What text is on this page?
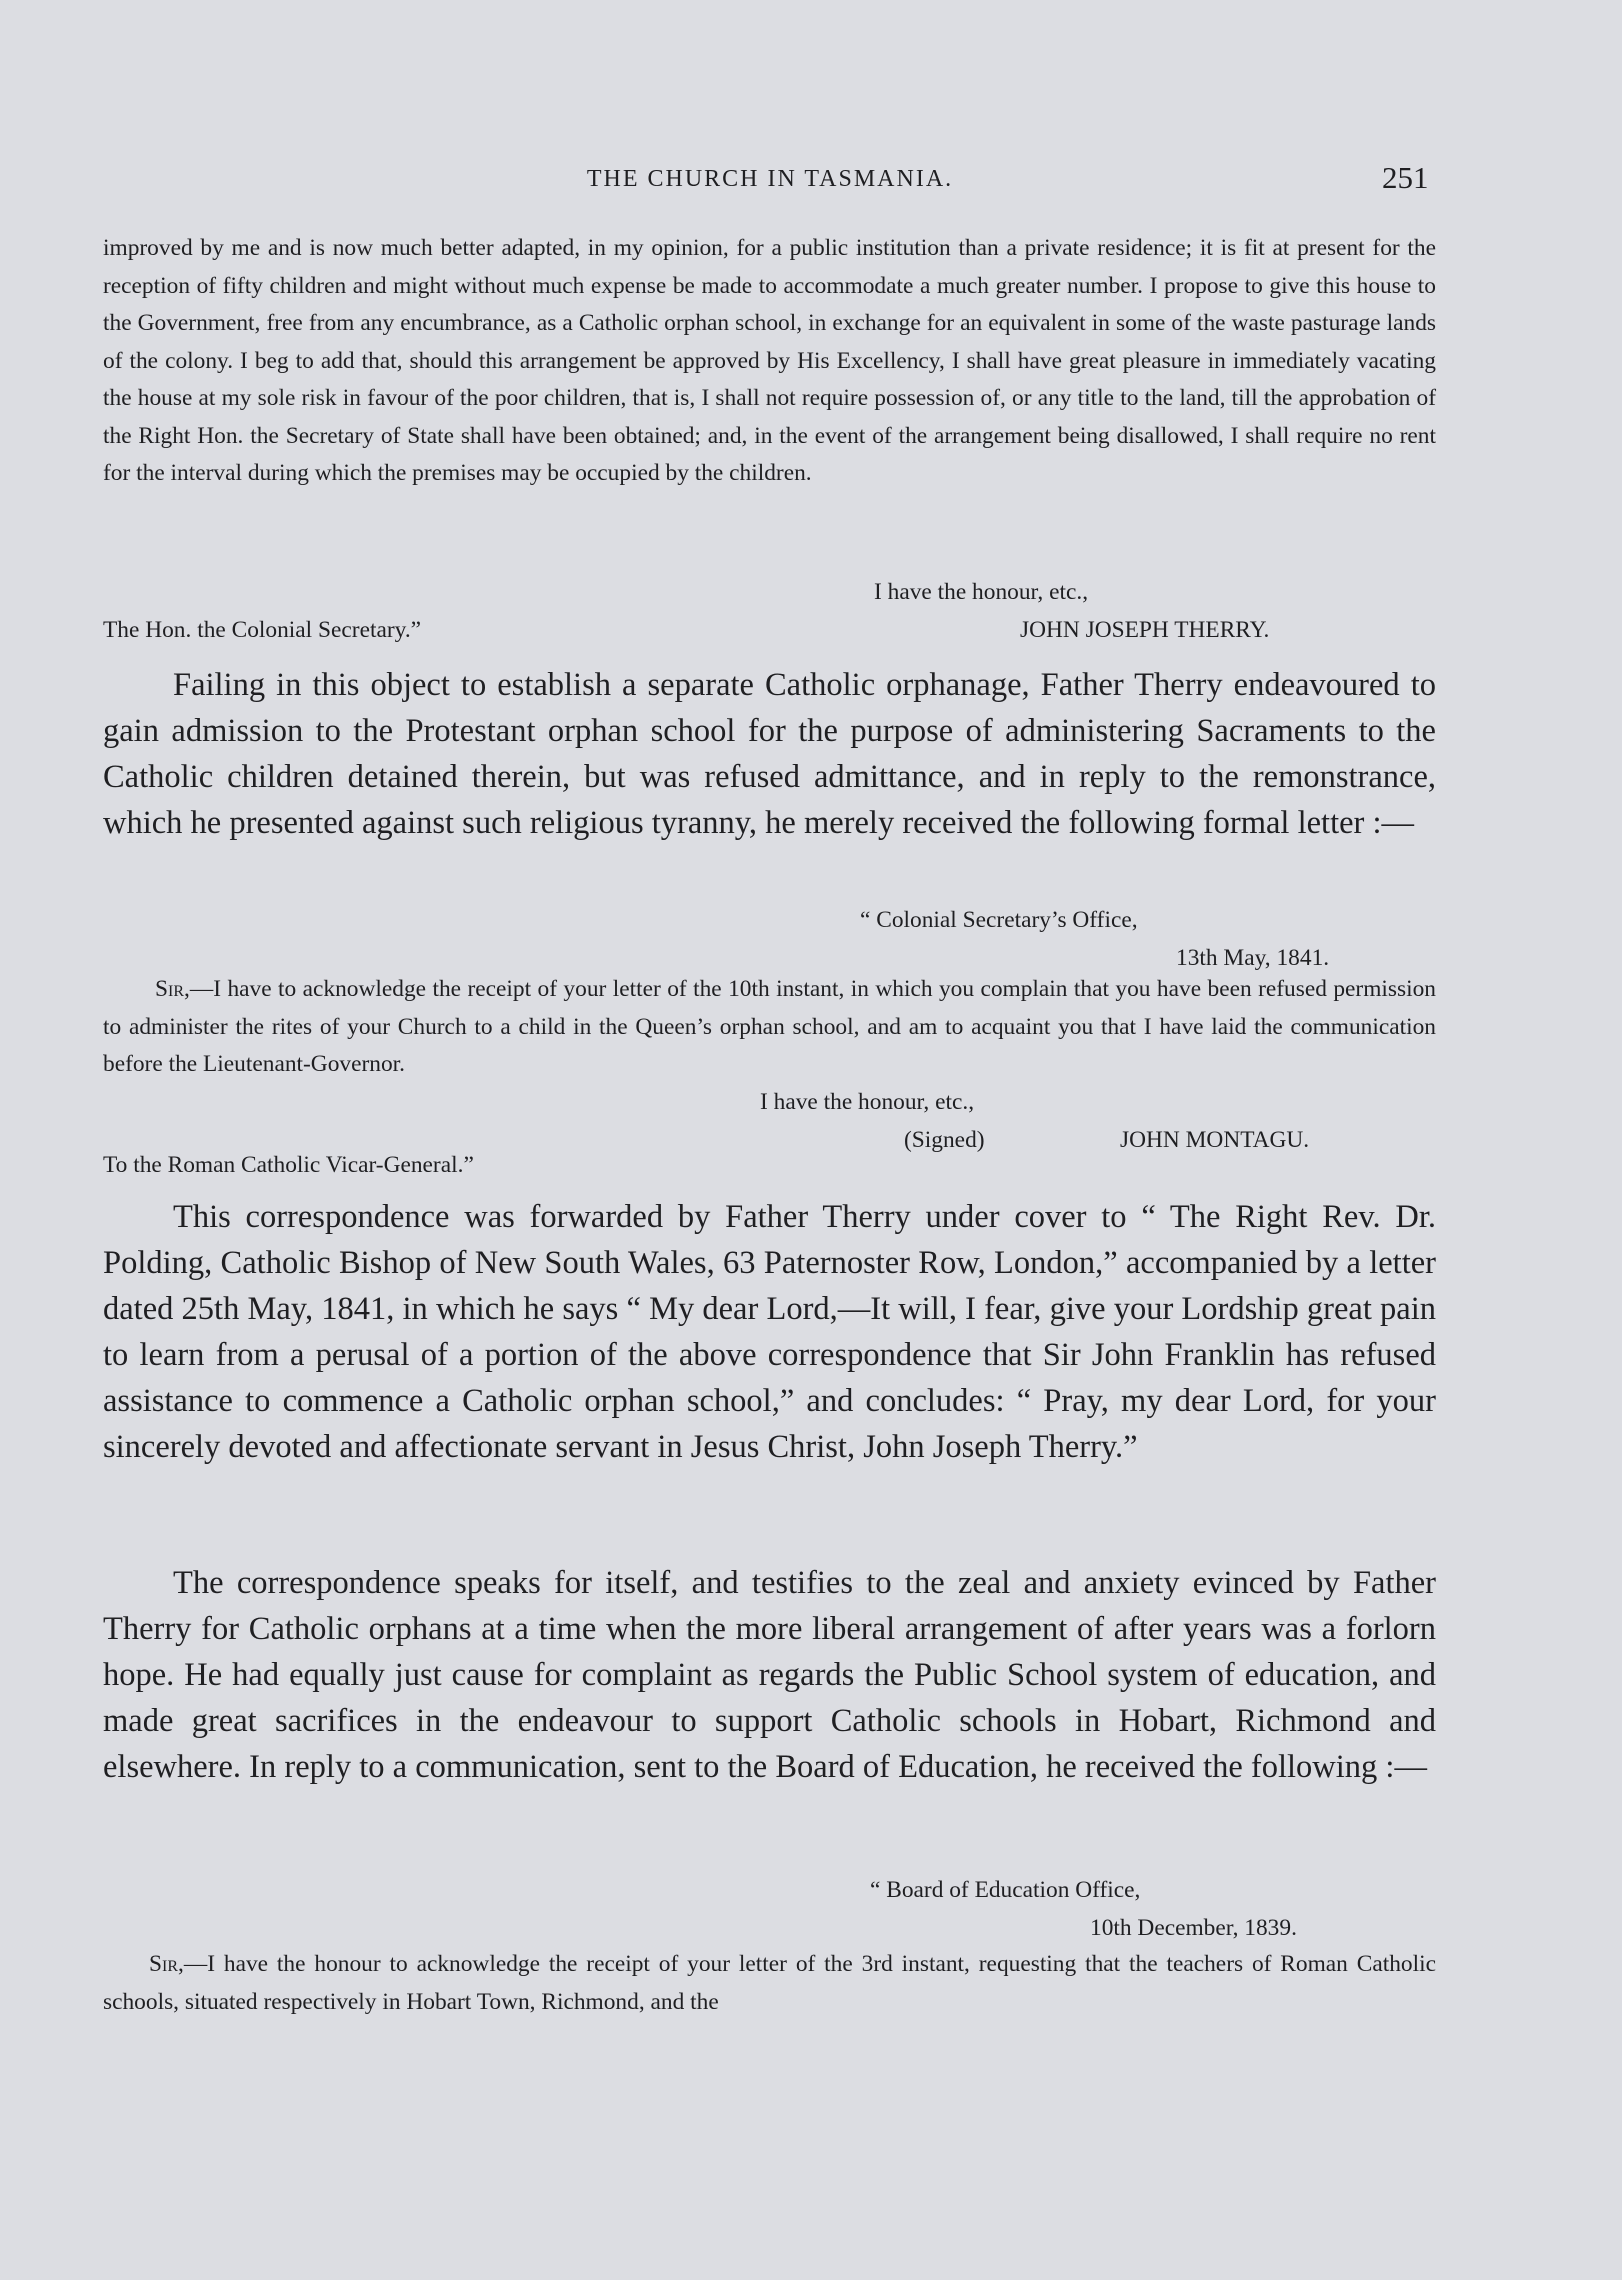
THE CHURCH IN TASMANIA.	251

improved by me and is now much better adapted, in my opinion, for a public institution than a private residence; it is fit at present for the reception of fifty children and might without much expense be made to accommodate a much greater number. I propose to give this house to the Government, free from any encumbrance, as a Catholic orphan school, in exchange for an equivalent in some of the waste pasturage lands of the colony. I beg to add that, should this arrangement be approved by His Excellency, I shall have great pleasure in immediately vacating the house at my sole risk in favour of the poor children, that is, I shall not require possession of, or any title to the land, till the approbation of the Right Hon. the Secretary of State shall have been obtained; and, in the event of the arrangement being disallowed, I shall require no rent for the interval during which the premises may be occupied by the children.

I have the honour, etc.,
The Hon. the Colonial Secretary.”	JOHN JOSEPH THERRY.

Failing in this object to establish a separate Catholic orphanage, Father Therry endeavoured to gain admission to the Protestant orphan school for the purpose of administering Sacraments to the Catholic children detained therein, but was refused admittance, and in reply to the remonstrance, which he presented against such religious tyranny, he merely received the following formal letter :—

“ Colonial Secretary’s Office,
13th May, 1841.

Sir,—I have to acknowledge the receipt of your letter of the 10th instant, in which you complain that you have been refused permission to administer the rites of your Church to a child in the Queen’s orphan school, and am to acquaint you that I have laid the communication before the Lieutenant-Governor.

I have the honour, etc.,
(Signed)	JOHN MONTAGU.
To the Roman Catholic Vicar-General.”

This correspondence was forwarded by Father Therry under cover to “ The Right Rev. Dr. Polding, Catholic Bishop of New South Wales, 63 Paternoster Row, London,” accompanied by a letter dated 25th May, 1841, in which he says “ My dear Lord,—It will, I fear, give your Lordship great pain to learn from a perusal of a portion of the above correspondence that Sir John Franklin has refused assistance to commence a Catholic orphan school,” and concludes: “ Pray, my dear Lord, for your sincerely devoted and affectionate servant in Jesus Christ, John Joseph Therry.”

The correspondence speaks for itself, and testifies to the zeal and anxiety evinced by Father Therry for Catholic orphans at a time when the more liberal arrangement of after years was a forlorn hope. He had equally just cause for complaint as regards the Public School system of education, and made great sacrifices in the endeavour to support Catholic schools in Hobart, Richmond and elsewhere. In reply to a communication, sent to the Board of Education, he received the following :—

“ Board of Education Office,
10th December, 1839.

Sir,—I have the honour to acknowledge the receipt of your letter of the 3rd instant, requesting that the teachers of Roman Catholic schools, situated respectively in Hobart Town, Richmond, and the
